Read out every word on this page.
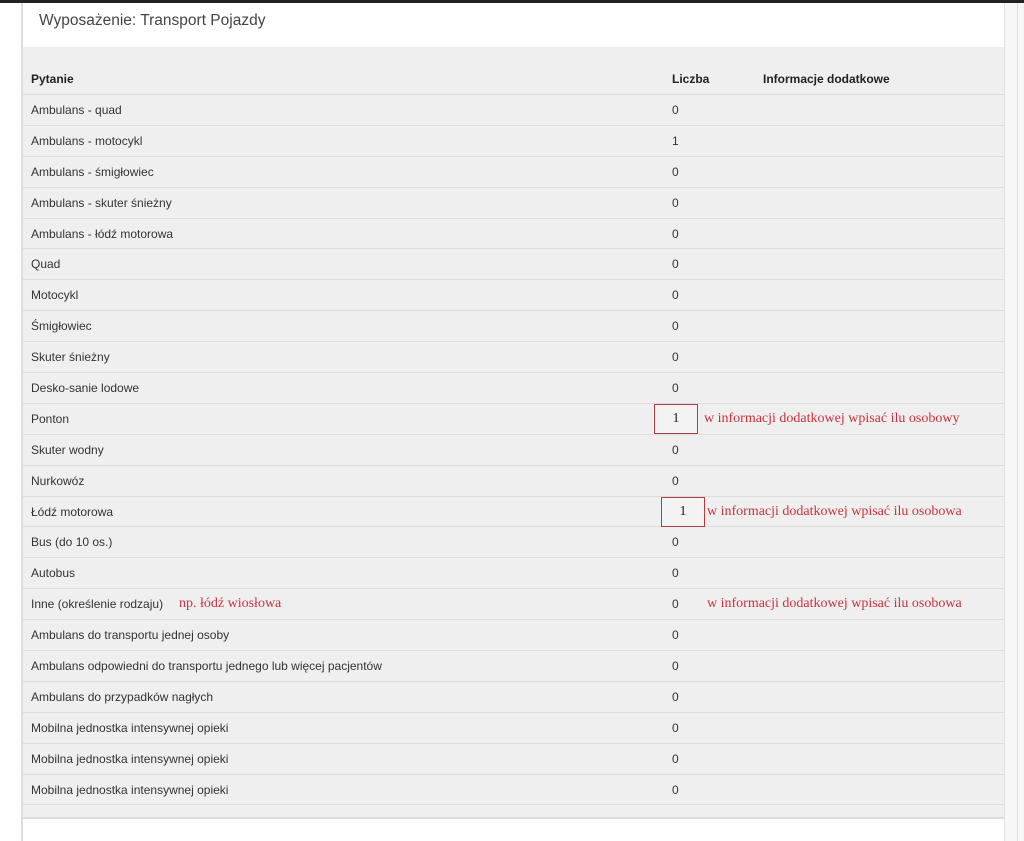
Wyposażenie: Transport Pojazdy
Pytanie	Liczba	Informacje dodatkowe
Ambulans - quad	0
Ambulans - motocykl	1
Ambulans - śmigłowiec	0
Ambulans - skuter śnieżny	0
Ambulans - łódź motorowa	0
Quad	0
Motocykl	0
Śmigłowiec	0
Skuter śnieżny	0
Desko-sanie lodowe	0
Ponton	1	w informacji dodatkowej wpisać ilu osobowy
Skuter wodny	0
Nurkowóz	0
Łódź motorowa	1	w informacji dodatkowej wpisać ilu osobowa
Bus (do 10 os.)	0
Autobus	0
Inne (określenie rodzaju) np. łódź wiosłowa	0 w informacji dodatkowej wpisać ilu osobowa
Ambulans do transportu jednej osoby	0
Ambulans odpowiedni do transportu jednego lub więcej pacjentów	0
Ambulans do przypadków nagłych	0
Mobilna jednostka intensywnej opieki	0
Mobilna jednostka intensywnej opieki	0
Mobilna jednostka intensywnej opieki	0
